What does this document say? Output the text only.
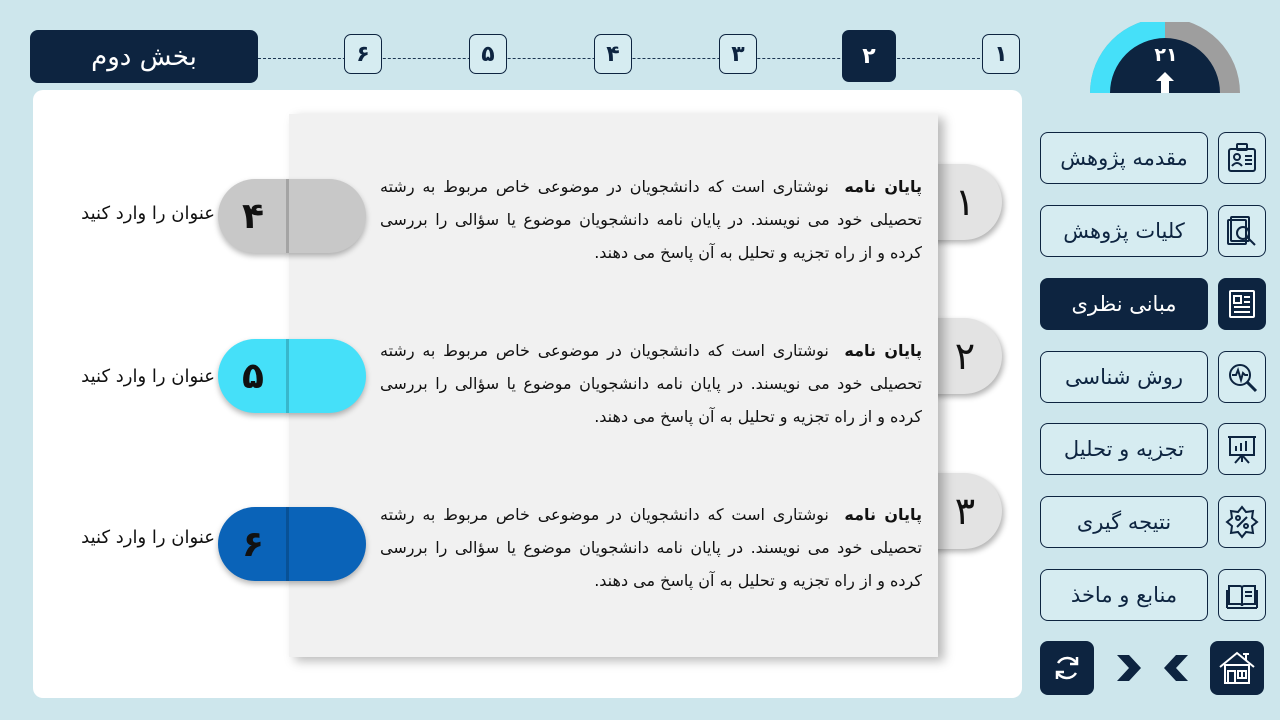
بخش دوم	۱
۲
۳
۴
۵
۶	۲۱
مقدمه پژوهش
کلیات پژوهش
مبانی نظری
روش شناسی
تجزیه و تحلیل
نتیجه گیری
منابع و ماخذ
۱
۲
۳
پایان نامه  نوشتاری است که دانشجویان در موضوعی خاص مربوط به رشته تحصیلی خود می نویسند. در پایان نامه دانشجویان موضوع یا سؤالی را بررسی کرده و از راه تجزیه و تحلیل به آن پاسخ می دهند.
پایان نامه  نوشتاری است که دانشجویان در موضوعی خاص مربوط به رشته تحصیلی خود می نویسند. در پایان نامه دانشجویان موضوع یا سؤالی را بررسی کرده و از راه تجزیه و تحلیل به آن پاسخ می دهند.
پایان نامه  نوشتاری است که دانشجویان در موضوعی خاص مربوط به رشته تحصیلی خود می نویسند. در پایان نامه دانشجویان موضوع یا سؤالی را بررسی کرده و از راه تجزیه و تحلیل به آن پاسخ می دهند.
۴
عنوان را وارد کنید
۵
عنوان را وارد کنید
۶
عنوان را وارد کنید
